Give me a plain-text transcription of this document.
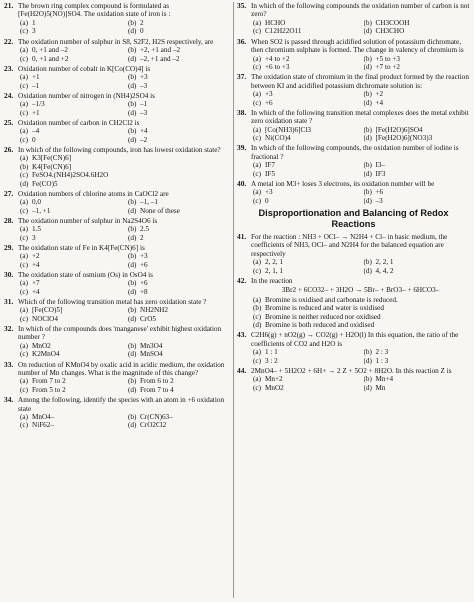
21. The brown ring complex compound is formulated as [Fe(H2O)5(NO)]SO4. The oxidation state of iron is :
(a) 1	(b) 2
(c) 3	(d) 0
22. The oxidation number of sulphur in S8, S2F2, H2S respectively, are
(a) 0, +1 and –2	(b) +2, +1 and –2
(c) 0, +1 and +2	(d) –2, +1 and –2
23. Oxidation number of cobalt in K[Co(CO)4] is
(a) +1	(b) +3
(c) –1	(d) –3
24. Oxidation number of nitrogen in (NH4)2SO4 is
(a) –1/3	(b) –1
(c) +1	(d) –3
25. Oxidation number of carbon in CH2Cl2 is
(a) –4	(b) +4
(c) 0	(d) –2
26. In which of the following compounds, iron has lowest oxidation state?
(a) K3[Fe(CN)6]
(b) K4[Fe(CN)6]
(c) FeSO4.(NH4)2SO4.6H2O
(d) Fe(CO)5
27. Oxidation numbers of chlorine atoms in CaOCl2 are
(a) 0,0	(b) –1, –1
(c) –1, +1	(d) None of these
28. The oxidation number of sulphur in Na2S4O6 is
(a) 1.5	(b) 2.5
(c) 3	(d) 2
29. The oxidation state of Fe in K4[Fe(CN)6] is
(a) +2	(b) +3
(c) +4	(d) +6
30. The oxidation state of osmium (Os) in OsO4 is
(a) +7	(b) +6
(c) +4	(d) +8
31. Which of the following transition metal has zero oxidation state ?
(a) [Fe(CO)5]	(b) NH2NH2
(c) NOClO4	(d) CrO5
32. In which of the compounds does 'manganese' exhibit highest oxidation number ?
(a) MnO2	(b) Mn3O4
(c) K2MnO4	(d) MnSO4
33. On reduction of KMnO4 by oxalic acid in acidic medium, the oxidation number of Mn changes. What is the magnitude of this change?
(a) From 7 to 2	(b) From 6 to 2
(c) From 5 to 2	(d) From 7 to 4
34. Among the following, identify the species with an atom in +6 oxidation state
(a) MnO4–	(b) Cr(CN)63–
(c) NiF62–	(d) CrO2Cl2
35. In which of the following compounds the oxidation number of carbon is not zero?
(a) HCHO	(b) CH3COOH
(c) C12H22O11	(d) CH3CHO
36. When SO2 is passed through acidified solution of potassium dichromate, then chromium sulphate is formed. The change in valency of chromium is
(a) +4 to +2	(b) +5 to +3
(c) +6 to +3	(d) +7 to +2
37. The oxidation state of chromium in the final product formed by the reaction between KI and acidified potassium dichromate solution is:
(a) +3	(b) +2
(c) +6	(d) +4
38. In which of the following transition metal complexes does the metal exhibit zero oxidation state ?
(a) [Co(NH3)6]Cl3	(b) [Fe(H2O)6]SO4
(c) Ni(CO)4	(d) [Fe(H2O)6](NO3)3
39. In which of the following compounds, the oxidation number of iodine is fractional ?
(a) IF7	(b) I3–
(c) IF5	(d) IF3
40. A metal ion M3+ loses 3 electrons, its oxidation number will be
(a) +3	(b) +6
(c) 0	(d) –3
Disproportionation and Balancing of Redox Reactions
41. For the reaction : NH3 + OCl– → N2H4 + Cl– in basic medium, the coefficients of NH3, OCl– and N2H4 for the balanced equation are respectively
(a) 2, 2, 1	(b) 2, 2, 1
(c) 2, 1, 1	(d) 4, 4, 2
42. In the reaction
3Br2 + 6CO32– + 3H2O → 5Br– + BrO3– + 6HCO3–
(a) Bromine is oxidised and carbonate is reduced.
(b) Bromine is reduced and water is oxidised
(c) Bromine is neither reduced nor oxidised
(d) Bromine is both reduced and oxidised
43. C2H6(g) + nO2(g) → CO2(g) + H2O(l) In this equation, the ratio of the coefficients of CO2 and H2O is
(a) 1 : 1	(b) 2 : 3
(c) 3 : 2	(d) 1 : 3
44. 2MnO4– + 5H2O2 + 6H+ → 2 Z + 5O2 + 8H2O. In this reaction Z is
(a) Mn+2	(b) Mn+4
(c) MnO2	(d) Mn
